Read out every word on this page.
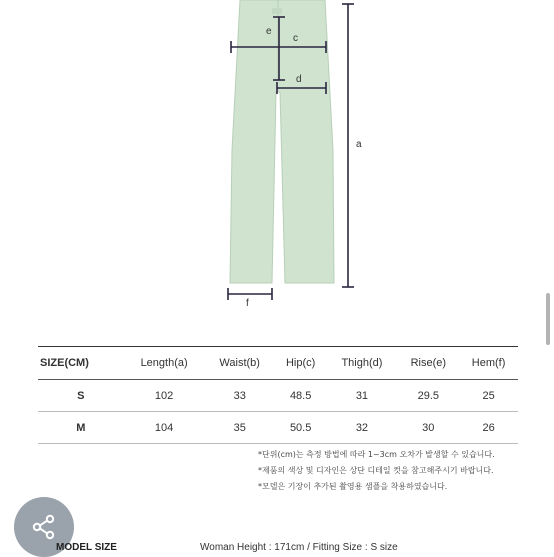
a
e
c
d
f
SIZE(CM)	Length(a)	Waist(b)	Hip(c)	Thigh(d)	Rise(e)	Hem(f)
S	102	33	48.5	31	29.5	25
M	104	35	50.5	32	30	26
*단위(cm)는 측정 방법에 따라 1~3cm 오차가 발생할 수 있습니다.
*제품의 색상 및 디자인은 상단 디테일 컷을 참고해주시기 바랍니다.
*모델은 기장이 추가된 촬영용 샘플을 착용하였습니다.
MODEL SIZE	Woman Height : 171cm / Fitting Size : S size
